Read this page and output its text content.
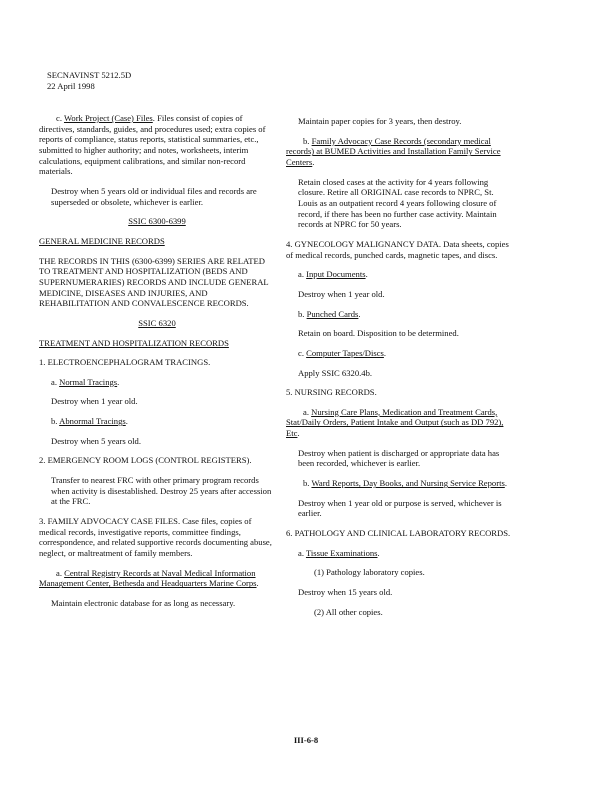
SECNAVINST 5212.5D
22 April 1998

c. Work Project (Case) Files. Files consist of copies of directives, standards, guides, and procedures used; extra copies of reports of compliance, status reports, statistical summaries, etc., submitted to higher authority; and notes, worksheets, interim calculations, equipment calibrations, and similar non-record materials.

Destroy when 5 years old or individual files and records are superseded or obsolete, whichever is earlier.

SSIC 6300-6399

GENERAL MEDICINE RECORDS

THE RECORDS IN THIS (6300-6399) SERIES ARE RELATED TO TREATMENT AND HOSPITALIZATION (BEDS AND SUPERNUMERARIES) RECORDS AND INCLUDE GENERAL MEDICINE, DISEASES AND INJURIES, AND REHABILITATION AND CONVALESCENCE RECORDS.

SSIC 6320

TREATMENT AND HOSPITALIZATION RECORDS

1. ELECTROENCEPHALOGRAM TRACINGS.

a. Normal Tracings.

Destroy when 1 year old.

b. Abnormal Tracings.

Destroy when 5 years old.

2. EMERGENCY ROOM LOGS (CONTROL REGISTERS).

Transfer to nearest FRC with other primary program records when activity is disestablished. Destroy 25 years after accession at the FRC.

3. FAMILY ADVOCACY CASE FILES. Case files, copies of medical records, investigative reports, committee findings, correspondence, and related supportive records documenting abuse, neglect, or maltreatment of family members.

a. Central Registry Records at Naval Medical Information Management Center, Bethesda and Headquarters Marine Corps.

Maintain electronic database for as long as necessary.

Maintain paper copies for 3 years, then destroy.

b. Family Advocacy Case Records (secondary medical records) at BUMED Activities and Installation Family Service Centers.

Retain closed cases at the activity for 4 years following closure. Retire all ORIGINAL case records to NPRC, St. Louis as an outpatient record 4 years following closure of record, if there has been no further case activity. Maintain records at NPRC for 50 years.

4. GYNECOLOGY MALIGNANCY DATA. Data sheets, copies of medical records, punched cards, magnetic tapes, and discs.

a. Input Documents.

Destroy when 1 year old.

b. Punched Cards.

Retain on board. Disposition to be determined.

c. Computer Tapes/Discs.

Apply SSIC 6320.4b.

5. NURSING RECORDS.

a. Nursing Care Plans, Medication and Treatment Cards, Stat/Daily Orders, Patient Intake and Output (such as DD 792), Etc.

Destroy when patient is discharged or appropriate data has been recorded, whichever is earlier.

b. Ward Reports, Day Books, and Nursing Service Reports.

Destroy when 1 year old or purpose is served, whichever is earlier.

6. PATHOLOGY AND CLINICAL LABORATORY RECORDS.

a. Tissue Examinations.

(1) Pathology laboratory copies.

Destroy when 15 years old.

(2) All other copies.

III-6-8
